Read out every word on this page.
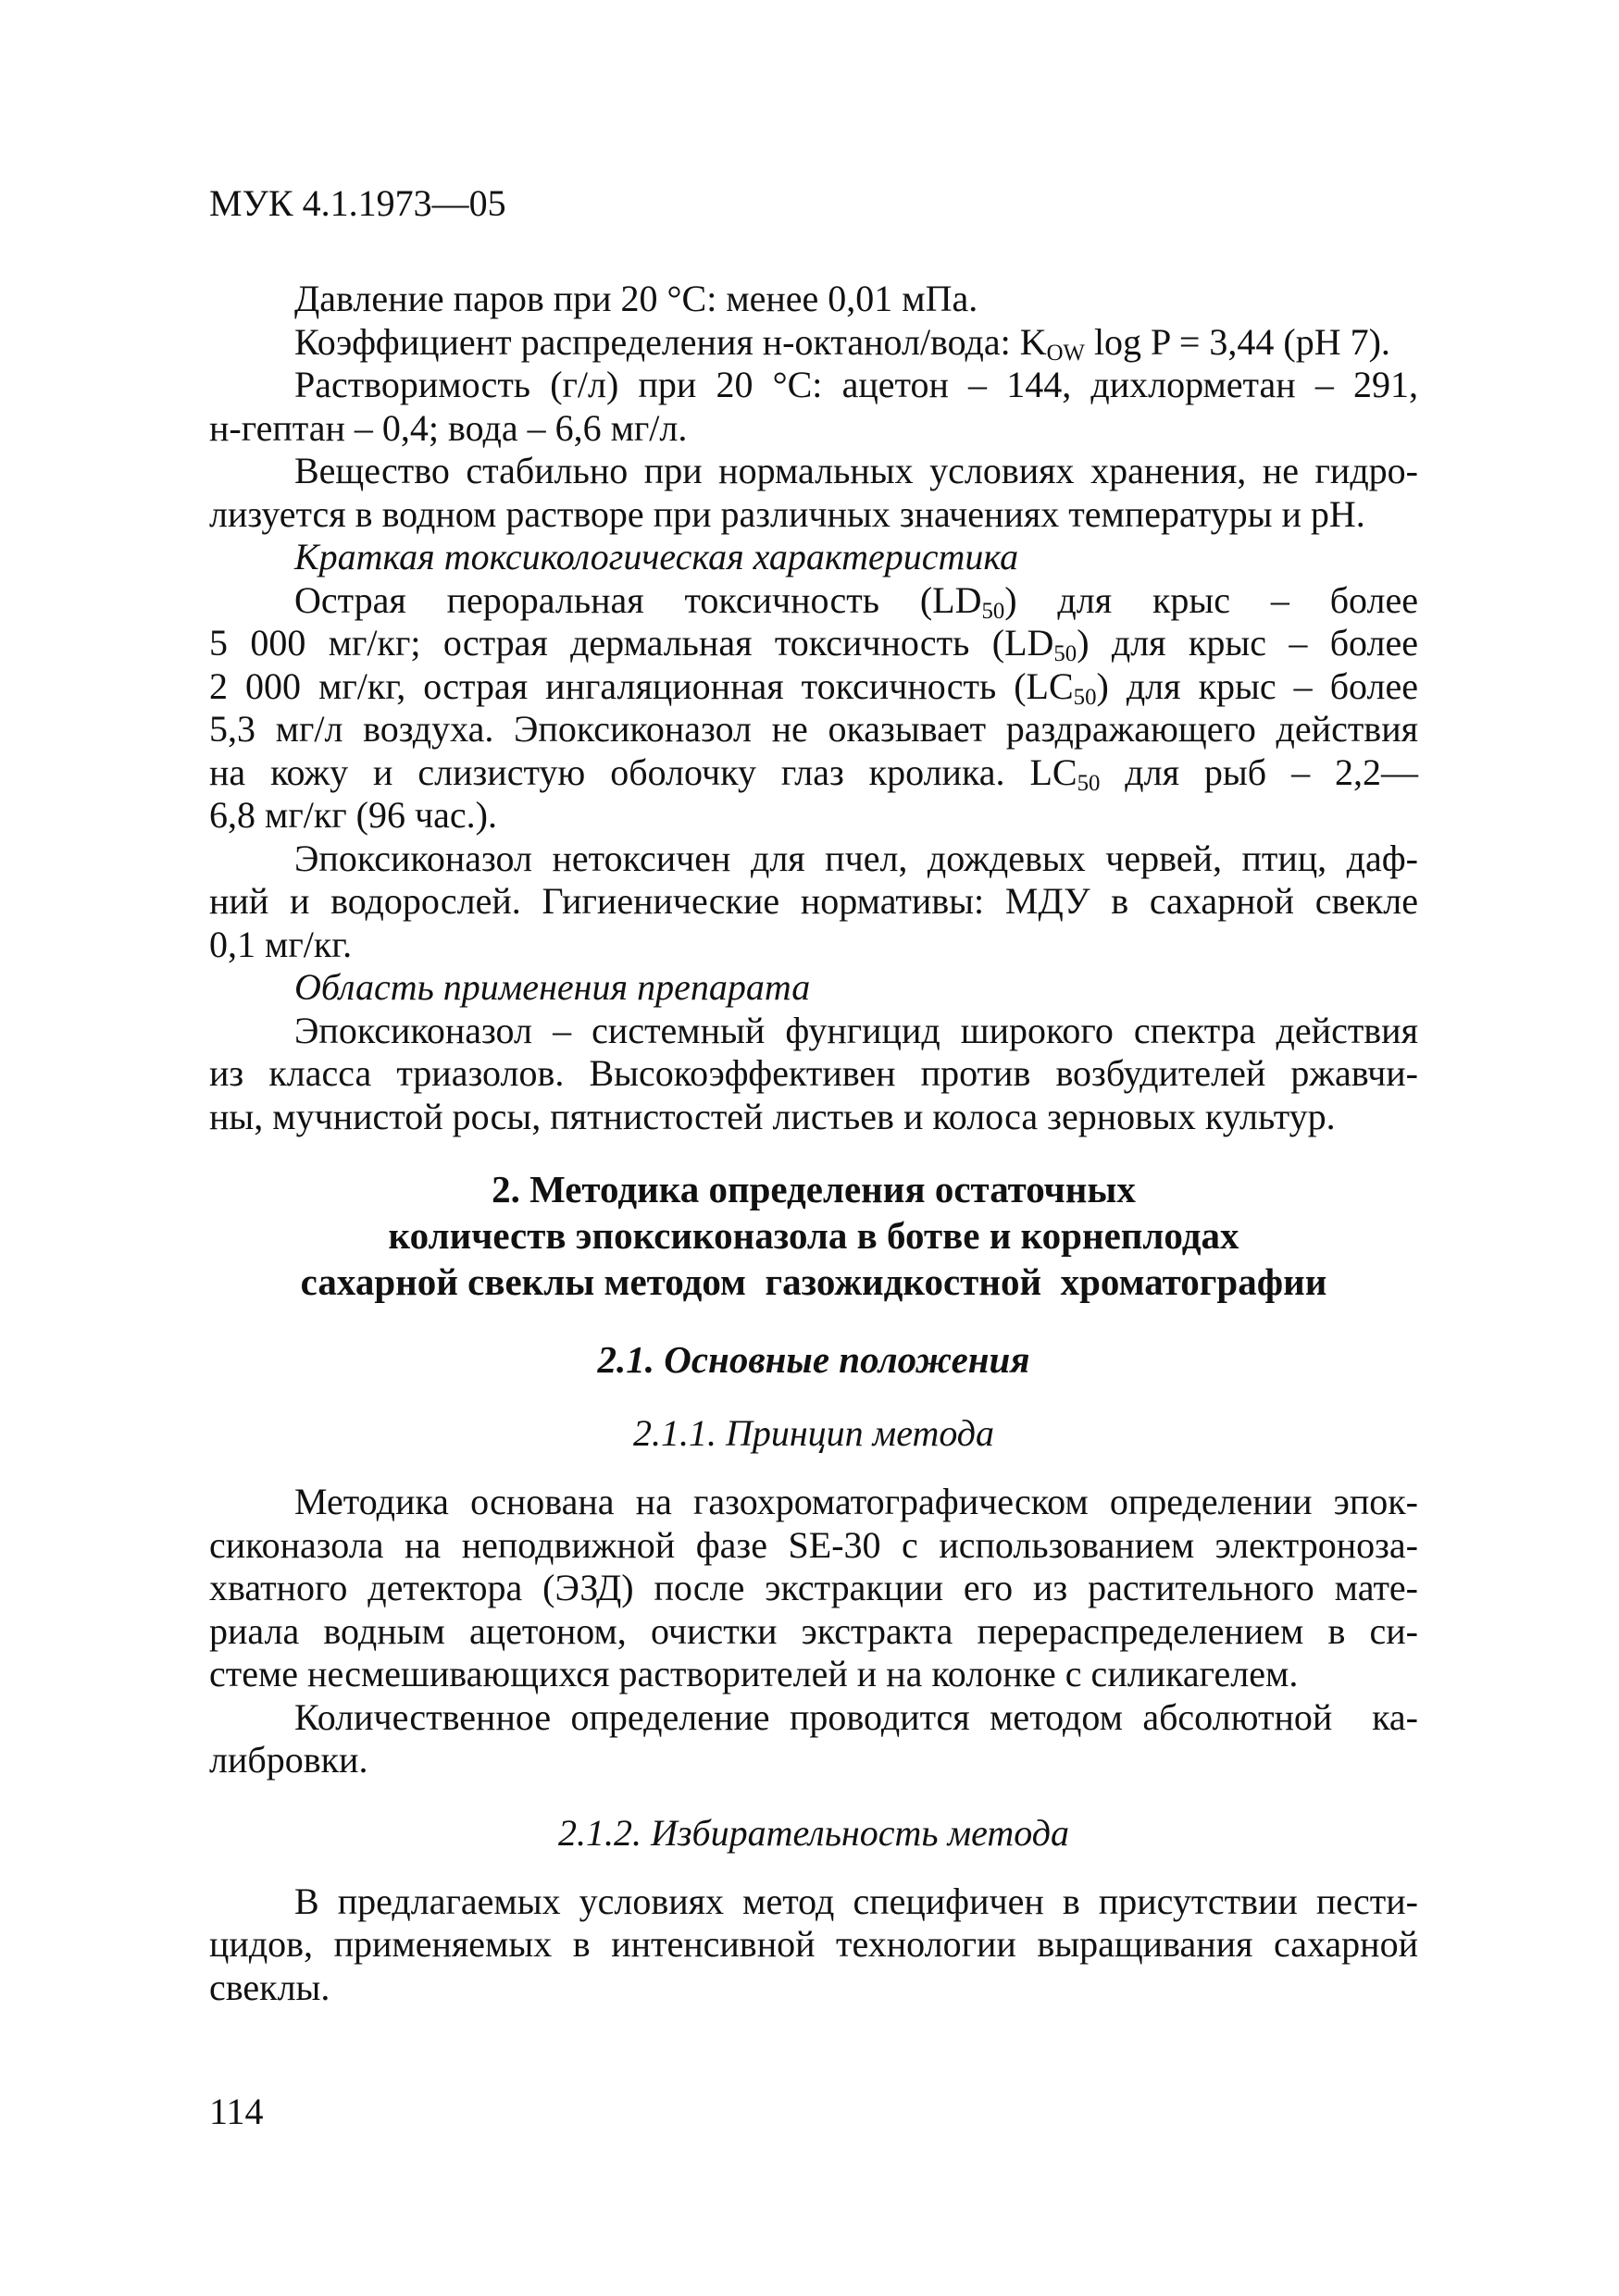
МУК 4.1.1973—05

Давление паров при 20 °С: менее 0,01 мПа.

Коэффициент распределения н-октанол/вода: $K_{OW}$ log P = 3,44 (рН 7).

Растворимость (г/л) при 20 °С: ацетон – 144, дихлорметан – 291,
н-гептан – 0,4; вода – 6,6 мг/л.

Вещество стабильно при нормальных условиях хранения, не гидро-
лизуется в водном растворе при различных значениях температуры и рН.

Краткая токсикологическая характеристика

Острая пероральная токсичность $(LD_{50})$ для крыс – более
5 000 мг/кг; острая дермальная токсичность $(LD_{50})$ для крыс – более
2 000 мг/кг, острая ингаляционная токсичность $(LC_{50})$ для крыс – более
5,3 мг/л воздуха. Эпоксиконазол не оказывает раздражающего действия
на кожу и слизистую оболочку глаз кролика. $LC_{50}$ для рыб – 2,2—
6,8 мг/кг (96 час.).

Эпоксиконазол нетоксичен для пчел, дождевых червей, птиц, даф-
ний и водорослей. Гигиенические нормативы: МДУ в сахарной свекле
0,1 мг/кг.

Область применения препарата

Эпоксиконазол – системный фунгицид широкого спектра действия
из класса триазолов. Высокоэффективен против возбудителей ржавчи-
ны, мучнистой росы, пятнистостей листьев и колоса зерновых культур.

2. Методика определения остаточных
количеств эпоксиконазола в ботве и корнеплодах
сахарной свеклы методом  газожидкостной  хроматографии
2.1. Основные положения
2.1.1. Принцип метода

Методика основана на газохроматографическом определении эпок-
сиконазола на неподвижной фазе SE-30 с использованием электроноза-
хватного детектора (ЭЗД) после экстракции его из растительного мате-
риала водным ацетоном, очистки экстракта перераспределением в си-
стеме несмешивающихся растворителей и на колонке с силикагелем.

Количественное определение проводится методом абсолютной  ка-
либровки.

2.1.2. Избирательность метода

В предлагаемых условиях метод специфичен в присутствии пести-
цидов, применяемых в интенсивной технологии выращивания сахарной
свеклы.

114
